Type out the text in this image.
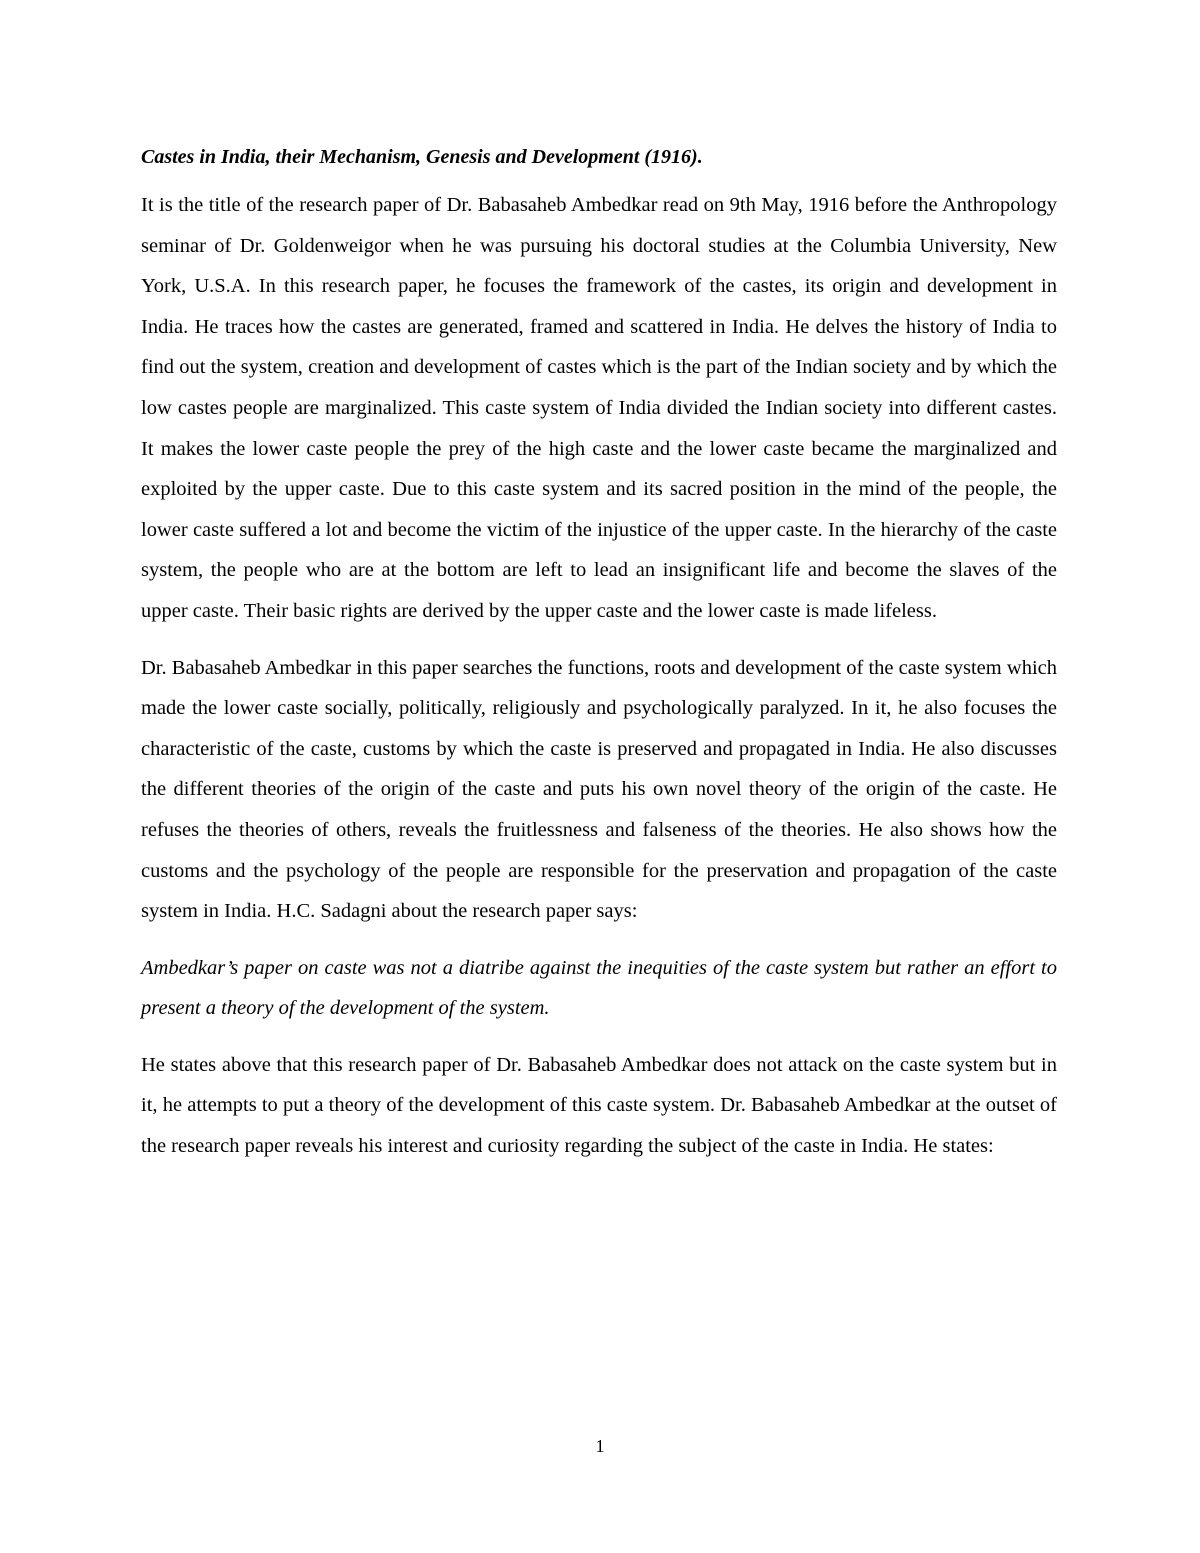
Castes in India, their Mechanism, Genesis and Development (1916).

It is the title of the research paper of Dr. Babasaheb Ambedkar read on 9th May, 1916 before the Anthropology seminar of Dr. Goldenweigor when he was pursuing his doctoral studies at the Columbia University, New York, U.S.A. In this research paper, he focuses the framework of the castes, its origin and development in India. He traces how the castes are generated, framed and scattered in India. He delves the history of India to find out the system, creation and development of castes which is the part of the Indian society and by which the low castes people are marginalized. This caste system of India divided the Indian society into different castes. It makes the lower caste people the prey of the high caste and the lower caste became the marginalized and exploited by the upper caste. Due to this caste system and its sacred position in the mind of the people, the lower caste suffered a lot and become the victim of the injustice of the upper caste. In the hierarchy of the caste system, the people who are at the bottom are left to lead an insignificant life and become the slaves of the upper caste. Their basic rights are derived by the upper caste and the lower caste is made lifeless.

Dr. Babasaheb Ambedkar in this paper searches the functions, roots and development of the caste system which made the lower caste socially, politically, religiously and psychologically paralyzed. In it, he also focuses the characteristic of the caste, customs by which the caste is preserved and propagated in India. He also discusses the different theories of the origin of the caste and puts his own novel theory of the origin of the caste. He refuses the theories of others, reveals the fruitlessness and falseness of the theories. He also shows how the customs and the psychology of the people are responsible for the preservation and propagation of the caste system in India. H.C. Sadagni about the research paper says:

Ambedkar’s paper on caste was not a diatribe against the inequities of the caste system but rather an effort to present a theory of the development of the system.

He states above that this research paper of Dr. Babasaheb Ambedkar does not attack on the caste system but in it, he attempts to put a theory of the development of this caste system. Dr. Babasaheb Ambedkar at the outset of the research paper reveals his interest and curiosity regarding the subject of the caste in India. He states:

1
